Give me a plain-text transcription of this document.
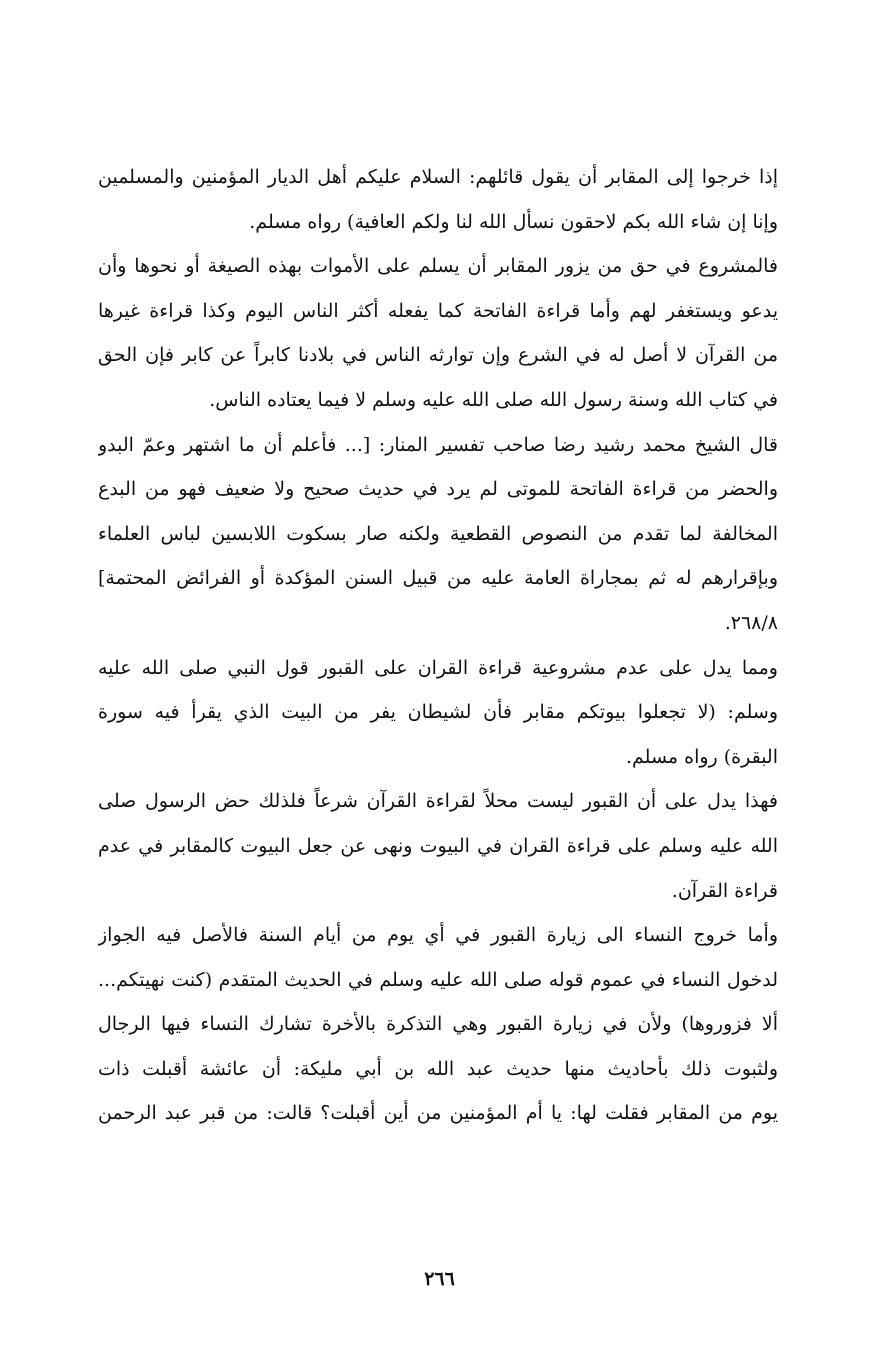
إذا خرجوا إلى المقابر أن يقول قائلهم: السلام عليكم أهل الديار المؤمنين والمسلمين
وإنا إن شاء الله بكم لاحقون نسأل الله لنا ولكم العافية) رواه مسلم.
فالمشروع في حق من يزور المقابر أن يسلم على الأموات بهذه الصيغة أو نحوها وأن
يدعو ويستغفر لهم وأما قراءة الفاتحة كما يفعله أكثر الناس اليوم وكذا قراءة غيرها
من القرآن لا أصل له في الشرع وإن توارثه الناس في بلادنا كابراً عن كابر فإن الحق
في كتاب الله وسنة رسول الله صلى الله عليه وسلم لا فيما يعتاده الناس.
قال الشيخ محمد رشيد رضا صاحب تفسير المنار: [... فأعلم أن ما اشتهر وعمّ البدو
والحضر من قراءة الفاتحة للموتى لم يرد في حديث صحيح ولا ضعيف فهو من البدع
المخالفة لما تقدم من النصوص القطعية ولكنه صار بسكوت اللابسين لباس العلماء
وبإقرارهم له ثم بمجاراة العامة عليه من قبيل السنن المؤكدة أو الفرائض المحتمة]
٢٦٨/٨.
ومما يدل على عدم مشروعية قراءة القران على القبور قول النبي صلى الله عليه
وسلم: (لا تجعلوا بيوتكم مقابر فأن لشيطان يفر من البيت الذي يقرأ فيه سورة
البقرة) رواه مسلم.
فهذا يدل على أن القبور ليست محلاً لقراءة القرآن شرعاً فلذلك حض الرسول صلى
الله عليه وسلم على قراءة القران في البيوت ونهى عن جعل البيوت كالمقابر في عدم
قراءة القرآن.
وأما خروج النساء الى زيارة القبور في أي يوم من أيام السنة فالأصل فيه الجواز
لدخول النساء في عموم قوله صلى الله عليه وسلم في الحديث المتقدم (كنت نهيتكم...
ألا فزوروها) ولأن في زيارة القبور وهي التذكرة بالأخرة تشارك النساء فيها الرجال
ولثبوت ذلك بأحاديث منها حديث عبد الله بن أبي مليكة: أن عائشة أقبلت ذات
يوم من المقابر فقلت لها: يا أم المؤمنين من أين أقبلت؟ قالت: من قبر عبد الرحمن
٢٦٦
